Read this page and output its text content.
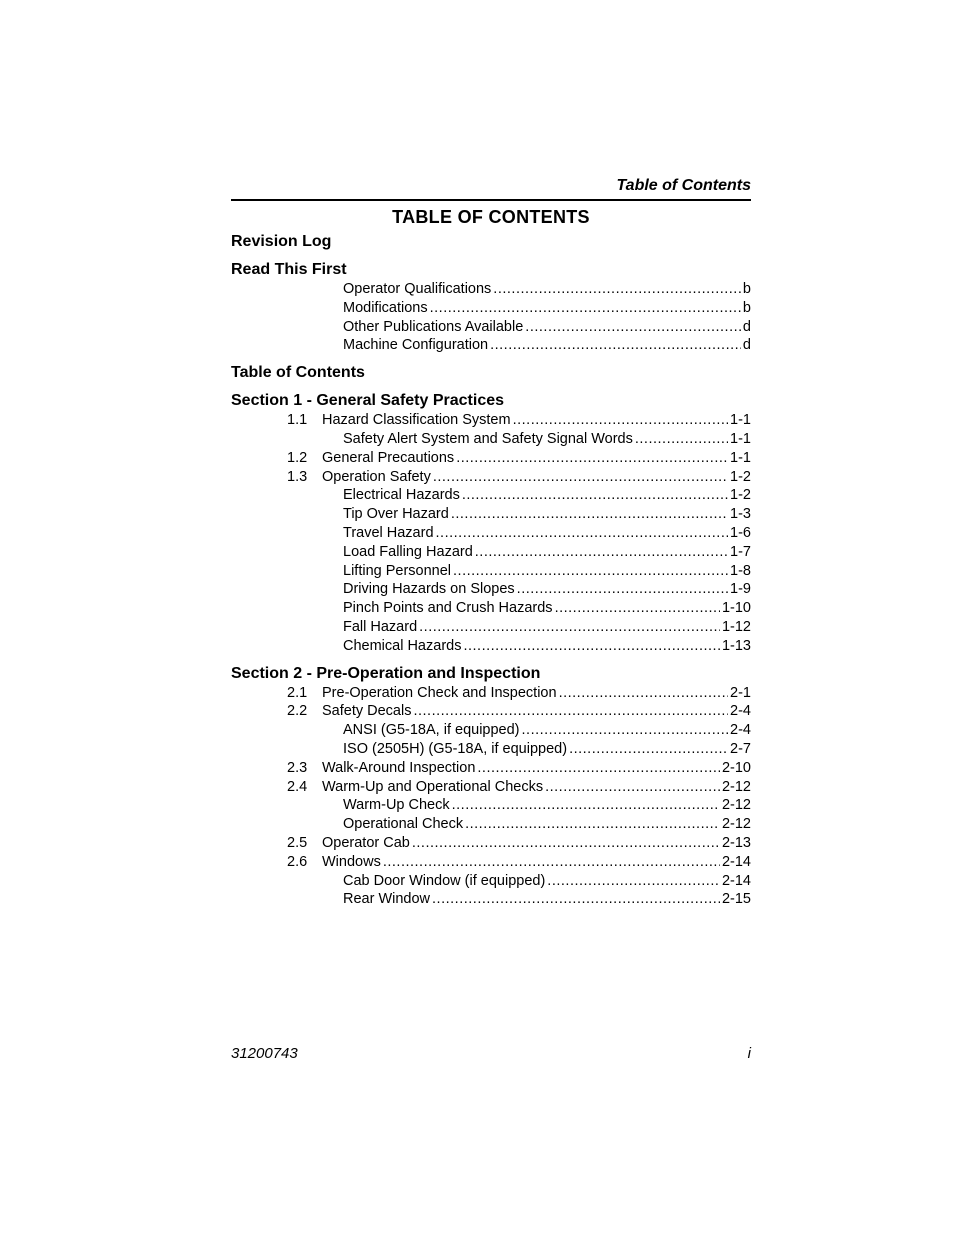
Table of Contents
TABLE OF CONTENTS
Revision Log
Read This First
Operator Qualifications .....	b
Modifications .....	b
Other Publications Available .....	d
Machine Configuration .....	d
Table of Contents
Section 1 - General Safety Practices
1.1 Hazard Classification System .....	1-1
Safety Alert System and Safety Signal Words .....	1-1
1.2 General Precautions .....	1-1
1.3 Operation Safety .....	1-2
Electrical Hazards .....	1-2
Tip Over Hazard .....	1-3
Travel Hazard .....	1-6
Load Falling Hazard .....	1-7
Lifting Personnel .....	1-8
Driving Hazards on Slopes .....	1-9
Pinch Points and Crush Hazards .....	1-10
Fall Hazard .....	1-12
Chemical Hazards .....	1-13
Section 2 - Pre-Operation and Inspection
2.1 Pre-Operation Check and Inspection .....	2-1
2.2 Safety Decals .....	2-4
ANSI (G5-18A, if equipped) .....	2-4
ISO (2505H) (G5-18A, if equipped) .....	2-7
2.3 Walk-Around Inspection .....	2-10
2.4 Warm-Up and Operational Checks .....	2-12
Warm-Up Check .....	2-12
Operational Check .....	2-12
2.5 Operator Cab .....	2-13
2.6 Windows .....	2-14
Cab Door Window (if equipped) .....	2-14
Rear Window .....	2-15
31200743	i
